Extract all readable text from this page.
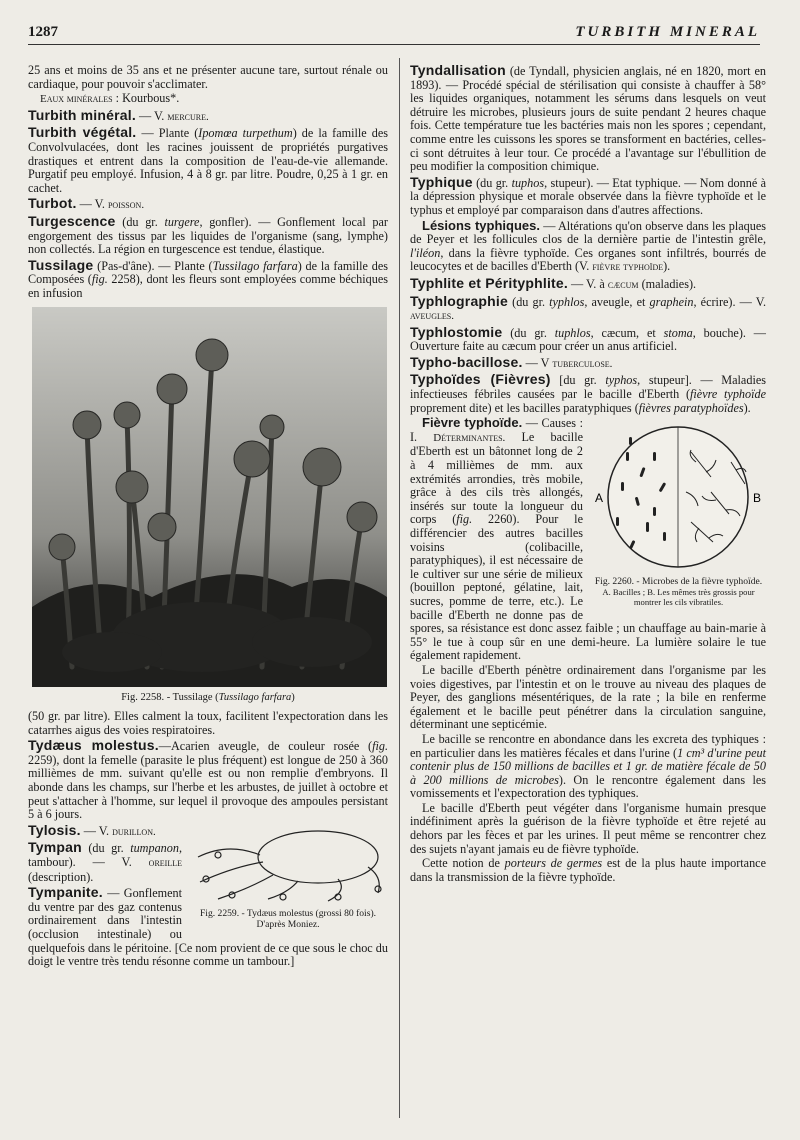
1287	TURBITH MINERAL

25 ans et moins de 35 ans et ne présenter aucune tare, surtout rénale ou cardiaque, pour pouvoir s'acclimater.

Eaux minérales : Kourbous*.

Turbith minéral. — V. mercure.

Turbith végétal. — Plante (Ipomœa turpethum) de la famille des Convolvulacées, dont les racines jouissent de propriétés purgatives drastiques et entrent dans la composition de l'eau-de-vie allemande. Purgatif peu employé. Infusion, 4 à 8 gr. par litre. Poudre, 0,25 à 1 gr. en cachet.

Turbot. — V. poisson.

Turgescence (du gr. turgere, gonfler). — Gonflement local par engorgement des tissus par les liquides de l'organisme (sang, lymphe) non collectés. La région en turgescence est tendue, élastique.

Tussilage (Pas-d'âne). — Plante (Tussilago farfara) de la famille des Composées (fig. 2258), dont les fleurs sont employées comme béchiques en infusion

Fig. 2258. - Tussilage (Tussilago farfara)

(50 gr. par litre). Elles calment la toux, facilitent l'expectoration dans les catarrhes aigus des voies respiratoires.

Tydæus molestus.—Acarien aveugle, de couleur rosée (fig. 2259), dont la femelle (parasite le plus fréquent) est longue de 250 à 360 millièmes de mm. suivant qu'elle est ou non remplie d'embryons. Il abonde dans les champs, sur l'herbe et les arbustes, de juillet à octobre et peut s'attacher à l'homme, sur lequel il provoque des ampoules persistant 5 à 6 jours.

Fig. 2259. - Tydæus molestus (grossi 80 fois). D'après Moniez.

Tylosis. — V. durillon.

Tympan (du gr. tumpanon, tambour). — V. oreille (description).

Tympanite. — Gonflement du ventre par des gaz contenus ordinairement dans l'intestin (occlusion intestinale) ou quelquefois dans le péritoine. [Ce nom provient de ce que sous le choc du doigt le ventre très tendu résonne comme un tambour.]

Tyndallisation (de Tyndall, physicien anglais, né en 1820, mort en 1893). — Procédé spécial de stérilisation qui consiste à chauffer à 58° les liquides organiques, notamment les sérums dans lesquels on veut détruire les microbes, plusieurs jours de suite pendant 2 heures chaque fois. Cette température tue les bactéries mais non les spores ; cependant, comme entre les cuissons les spores se transforment en bactéries, celles-ci sont détruites à leur tour. Ce procédé a l'avantage sur l'ébullition de peu modifier la composition chimique.

Typhique (du gr. tuphos, stupeur). — Etat typhique. — Nom donné à la dépression physique et morale observée dans la fièvre typhoïde et le typhus et employé par comparaison dans d'autres affections.

Lésions typhiques. — Altérations qu'on observe dans les plaques de Peyer et les follicules clos de la dernière partie de l'intestin grêle, l'iléon, dans la fièvre typhoïde. Ces organes sont infiltrés, bourrés de leucocytes et de bacilles d'Eberth (V. fièvre typhoïde).

Typhlite et Pérityphlite. — V. à cæcum (maladies).

Typhlographie (du gr. typhlos, aveugle, et graphein, écrire). — V. aveugles.

Typhlostomie (du gr. tuphlos, cæcum, et stoma, bouche). — Ouverture faite au cæcum pour créer un anus artificiel.

Typho-bacillose. — V tuberculose.

Typhoïdes (Fièvres) [du gr. typhos, stupeur]. — Maladies infectieuses fébriles causées par le bacille d'Eberth (fièvre typhoïde proprement dite) et les bacilles paratyphiques (fièvres paratyphoïdes).

A	B
Fig. 2260. - Microbes de la fièvre typhoïde.
A. Bacilles ; B. Les mêmes très grossis pour montrer les cils vibratiles.

Fièvre typhoïde. — Causes : I. Déterminantes. Le bacille d'Eberth est un bâtonnet long de 2 à 4 millièmes de mm. aux extrémités arrondies, très mobile, grâce à des cils très allongés, insérés sur toute la longueur du corps (fig. 2260). Pour le différencier des autres bacilles voisins (colibacille, paratyphiques), il est nécessaire de le cultiver sur une série de milieux (bouillon peptoné, gélatine, lait, sucres, pomme de terre, etc.). Le bacille d'Eberth ne donne pas de spores, sa résistance est donc assez faible ; un chauffage au bain-marie à 55° le tue à coup sûr en une demi-heure. La lumière solaire le tue également rapidement.

Le bacille d'Eberth pénètre ordinairement dans l'organisme par les voies digestives, par l'intestin et on le trouve au niveau des plaques de Peyer, des ganglions mésentériques, de la rate ; la bile en renferme également et le bacille peut pénétrer dans la circulation sanguine, déterminant une septicémie.

Le bacille se rencontre en abondance dans les excreta des typhiques : en particulier dans les matières fécales et dans l'urine (1 cm³ d'urine peut contenir plus de 150 millions de bacilles et 1 gr. de matière fécale de 50 à 200 millions de microbes). On le rencontre également dans les vomissements et l'expectoration des typhiques.

Le bacille d'Eberth peut végéter dans l'organisme humain presque indéfiniment après la guérison de la fièvre typhoïde et être rejeté au dehors par les fèces et par les urines. Il peut même se rencontrer chez des sujets n'ayant jamais eu de fièvre typhoïde.

Cette notion de porteurs de germes est de la plus haute importance dans la transmission de la fièvre typhoïde.
